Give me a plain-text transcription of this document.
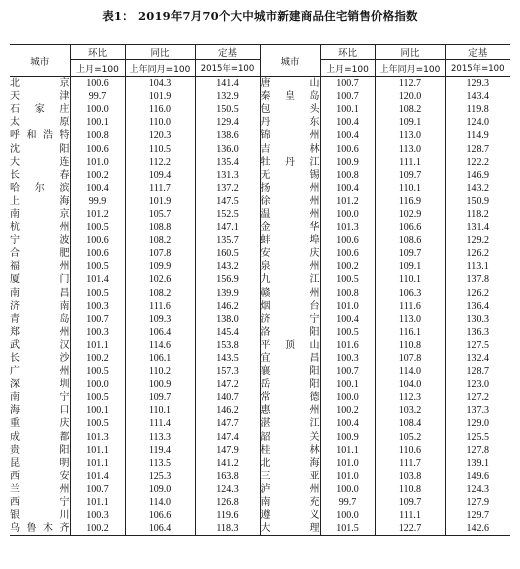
表1： 2019年7月70个大中城市新建商品住宅销售价格指数
城市	环比	同比	定基	城市	环比	同比	定基
	上月=100	上年同月=100	2015年=100		上月=100	上年同月=100	2015年=100
北京	100.6	104.3	141.4	唐山	100.7	112.7	129.3
天津	99.7	101.9	132.9	秦皇岛	100.7	120.0	143.4
石家庄	100.0	116.0	150.5	包头	100.1	108.2	119.8
太原	100.1	110.0	129.4	丹东	100.4	109.1	124.0
呼和浩特	100.8	120.3	138.6	锦州	100.4	113.0	114.9
沈阳	100.6	110.5	136.0	吉林	100.6	113.0	128.7
大连	101.0	112.2	135.4	牡丹江	100.9	111.1	122.2
长春	100.2	109.4	131.3	无锡	100.8	109.7	146.9
哈尔滨	100.4	111.7	137.2	扬州	100.4	110.1	143.2
上海	99.9	101.9	147.5	徐州	101.2	116.9	150.9
南京	101.2	105.7	152.5	温州	100.0	102.9	118.2
杭州	100.5	108.8	147.1	金华	101.3	106.6	131.4
宁波	100.6	108.2	135.7	蚌埠	100.6	108.6	129.2
合肥	100.6	107.8	160.5	安庆	100.6	109.7	126.2
福州	100.5	109.9	143.2	泉州	100.2	109.1	113.1
厦门	101.4	102.6	156.9	九江	100.5	110.1	137.8
南昌	100.5	108.2	139.9	赣州	100.8	106.3	126.2
济南	100.3	111.6	146.2	烟台	101.0	111.6	136.4
青岛	100.7	109.3	138.0	济宁	100.4	113.0	130.3
郑州	100.3	106.4	145.4	洛阳	100.5	116.1	136.3
武汉	101.1	114.6	153.8	平顶山	101.6	110.8	127.5
长沙	100.2	106.1	143.5	宜昌	100.3	107.8	132.4
广州	100.5	110.2	157.3	襄阳	100.7	114.0	128.7
深圳	100.0	100.9	147.2	岳阳	100.1	104.0	123.0
南宁	100.5	109.7	140.7	常德	100.0	112.3	127.2
海口	100.1	110.1	146.2	惠州	100.2	103.2	137.3
重庆	100.5	111.4	147.7	湛江	100.4	108.4	129.0
成都	101.3	113.3	147.4	韶关	100.9	105.2	125.5
贵阳	101.1	119.4	147.9	桂林	101.1	110.6	127.8
昆明	101.1	113.5	141.2	北海	101.0	111.7	139.1
西安	101.4	125.3	163.8	三亚	101.0	103.8	149.6
兰州	100.7	109.0	124.3	泸州	100.0	110.8	124.3
西宁	101.1	114.0	126.8	南充	99.7	109.7	127.9
银川	100.3	106.6	119.6	遵义	100.0	111.1	129.7
乌鲁木齐	100.2	106.4	118.3	大理	101.5	122.7	142.6
